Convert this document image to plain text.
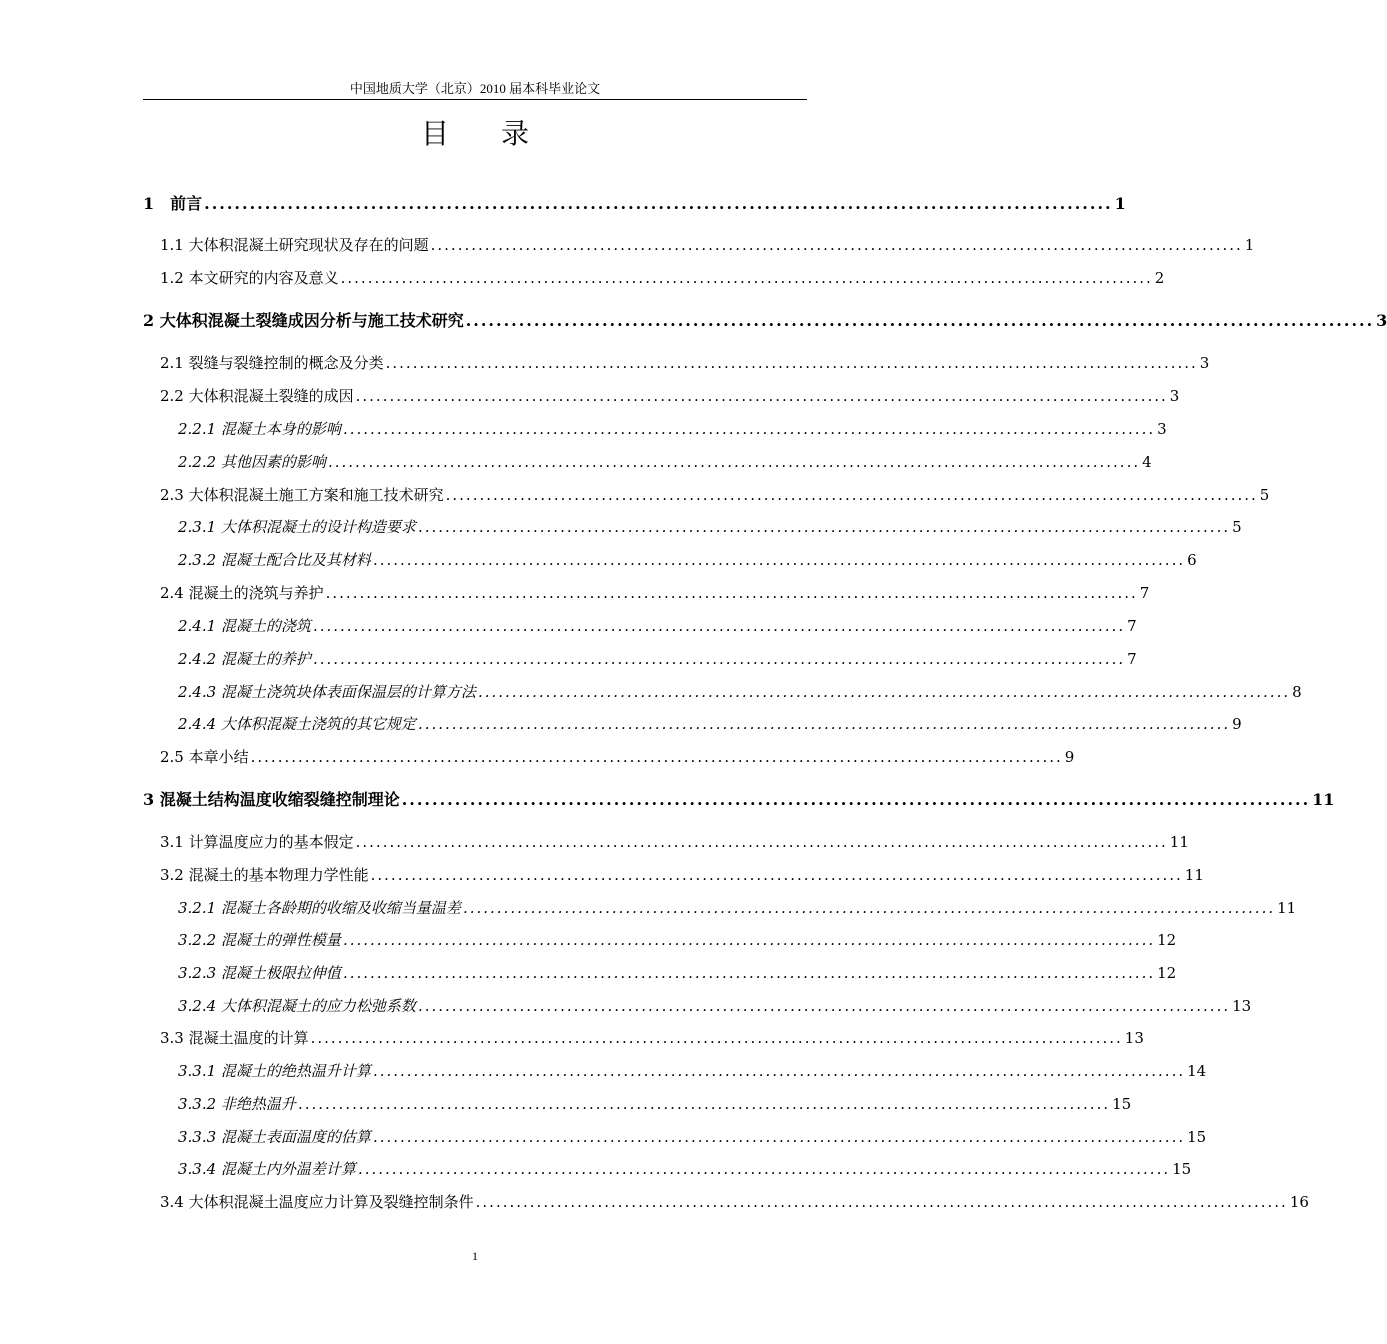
中国地质大学（北京）2010 届本科毕业论文
目录
1　前言 ........................................................................................................................ 1
1.1 大体积混凝土研究现状及存在的问题 ........................................................................................................................ 1
1.2 本文研究的内容及意义 ........................................................................................................................ 2
2 大体积混凝土裂缝成因分析与施工技术研究 ........................................................................................................................ 3
2.1 裂缝与裂缝控制的概念及分类 ........................................................................................................................ 3
2.2 大体积混凝土裂缝的成因 ........................................................................................................................ 3
2.2.1 混凝土本身的影响 ........................................................................................................................ 3
2.2.2 其他因素的影响 ........................................................................................................................ 4
2.3 大体积混凝土施工方案和施工技术研究 ........................................................................................................................ 5
2.3.1 大体积混凝土的设计构造要求 ........................................................................................................................ 5
2.3.2 混凝土配合比及其材料 ........................................................................................................................ 6
2.4 混凝土的浇筑与养护 ........................................................................................................................ 7
2.4.1 混凝土的浇筑 ........................................................................................................................ 7
2.4.2 混凝土的养护 ........................................................................................................................ 7
2.4.3 混凝土浇筑块体表面保温层的计算方法 ........................................................................................................................ 8
2.4.4 大体积混凝土浇筑的其它规定 ........................................................................................................................ 9
2.5 本章小结 ........................................................................................................................ 9
3 混凝土结构温度收缩裂缝控制理论 ........................................................................................................................ 11
3.1 计算温度应力的基本假定 ........................................................................................................................ 11
3.2 混凝土的基本物理力学性能 ........................................................................................................................ 11
3.2.1 混凝土各龄期的收缩及收缩当量温差 ........................................................................................................................ 11
3.2.2 混凝土的弹性模量 ........................................................................................................................ 12
3.2.3 混凝土极限拉伸值 ........................................................................................................................ 12
3.2.4 大体积混凝土的应力松弛系数 ........................................................................................................................ 13
3.3 混凝土温度的计算 ........................................................................................................................ 13
3.3.1 混凝土的绝热温升计算 ........................................................................................................................ 14
3.3.2 非绝热温升 ........................................................................................................................ 15
3.3.3 混凝土表面温度的估算 ........................................................................................................................ 15
3.3.4 混凝土内外温差计算 ........................................................................................................................ 15
3.4 大体积混凝土温度应力计算及裂缝控制条件 ........................................................................................................................ 16
1
